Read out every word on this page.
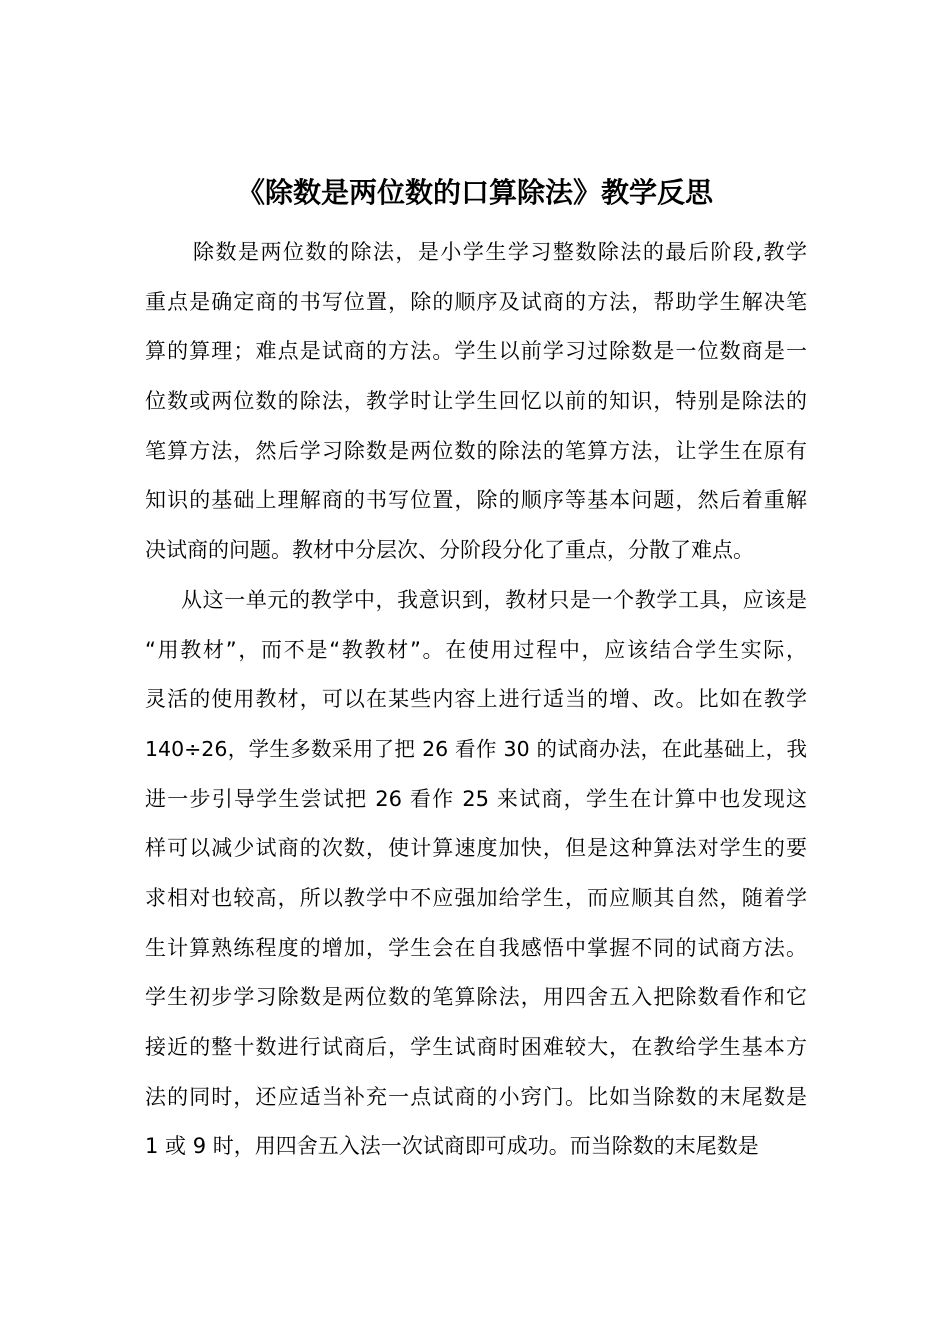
《除数是两位数的口算除法》教学反思
除数是两位数的除法，是小学生学习整数除法的最后阶段,教学
重点是确定商的书写位置，除的顺序及试商的方法，帮助学生解决笔
算的算理；难点是试商的方法。学生以前学习过除数是一位数商是一
位数或两位数的除法，教学时让学生回忆以前的知识，特别是除法的
笔算方法，然后学习除数是两位数的除法的笔算方法，让学生在原有
知识的基础上理解商的书写位置，除的顺序等基本问题，然后着重解
决试商的问题。教材中分层次、分阶段分化了重点，分散了难点。
从这一单元的教学中，我意识到，教材只是一个教学工具，应该是
“用教材”，而不是“教教材”。在使用过程中，应该结合学生实际，
灵活的使用教材，可以在某些内容上进行适当的增、改。比如在教学
140÷26，学生多数采用了把 26 看作 30 的试商办法，在此基础上，我
进一步引导学生尝试把 26 看作 25 来试商，学生在计算中也发现这
样可以减少试商的次数，使计算速度加快，但是这种算法对学生的要
求相对也较高，所以教学中不应强加给学生，而应顺其自然，随着学
生计算熟练程度的增加，学生会在自我感悟中掌握不同的试商方法。
学生初步学习除数是两位数的笔算除法，用四舍五入把除数看作和它
接近的整十数进行试商后，学生试商时困难较大，在教给学生基本方
法的同时，还应适当补充一点试商的小窍门。比如当除数的末尾数是
1 或 9 时，用四舍五入法一次试商即可成功。而当除数的末尾数是
